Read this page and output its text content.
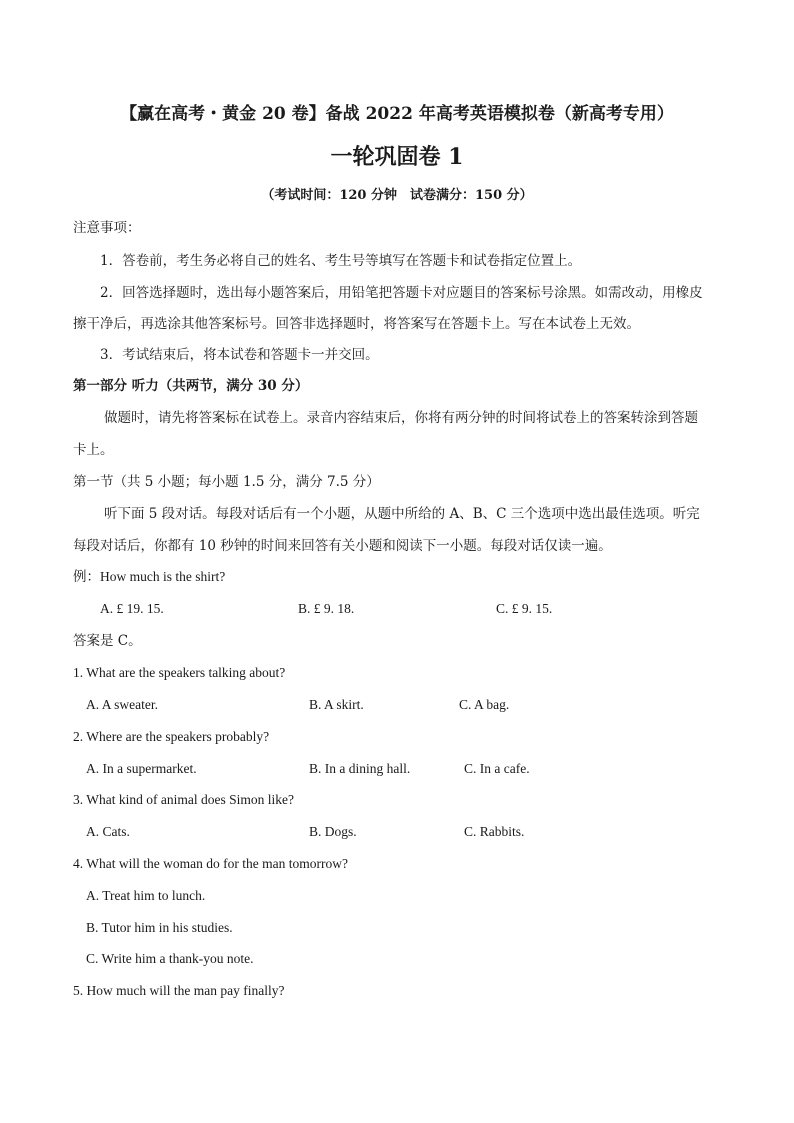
【赢在高考・黄金 20 卷】备战 2022 年高考英语模拟卷（新高考专用）
一轮巩固卷 1
（考试时间：120 分钟　试卷满分：150 分）
注意事项：
1．答卷前，考生务必将自己的姓名、考生号等填写在答题卡和试卷指定位置上。
2．回答选择题时，选出每小题答案后，用铅笔把答题卡对应题目的答案标号涂黑。如需改动，用橡皮
擦干净后，再选涂其他答案标号。回答非选择题时，将答案写在答题卡上。写在本试卷上无效。
3．考试结束后，将本试卷和答题卡一并交回。
第一部分 听力（共两节，满分 30 分）
做题时，请先将答案标在试卷上。录音内容结束后，你将有两分钟的时间将试卷上的答案转涂到答题
卡上。
第一节（共 5 小题；每小题 1.5 分，满分 7.5 分）
听下面 5 段对话。每段对话后有一个小题，从题中所给的 A、B、C 三个选项中选出最佳选项。听完
每段对话后，你都有 10 秒钟的时间来回答有关小题和阅读下一小题。每段对话仅读一遍。
例：How much is the shirt?
A. £ 19. 15.	B. £ 9. 18.	C. £ 9. 15.
答案是 C。
1. What are the speakers talking about?
A. A sweater.	B. A skirt.	C. A bag.
2. Where are the speakers probably?
A. In a supermarket.	B. In a dining hall.	C. In a cafe.
3. What kind of animal does Simon like?
A. Cats.	B. Dogs.	C. Rabbits.
4. What will the woman do for the man tomorrow?
A. Treat him to lunch.
B. Tutor him in his studies.
C. Write him a thank-you note.
5. How much will the man pay finally?
